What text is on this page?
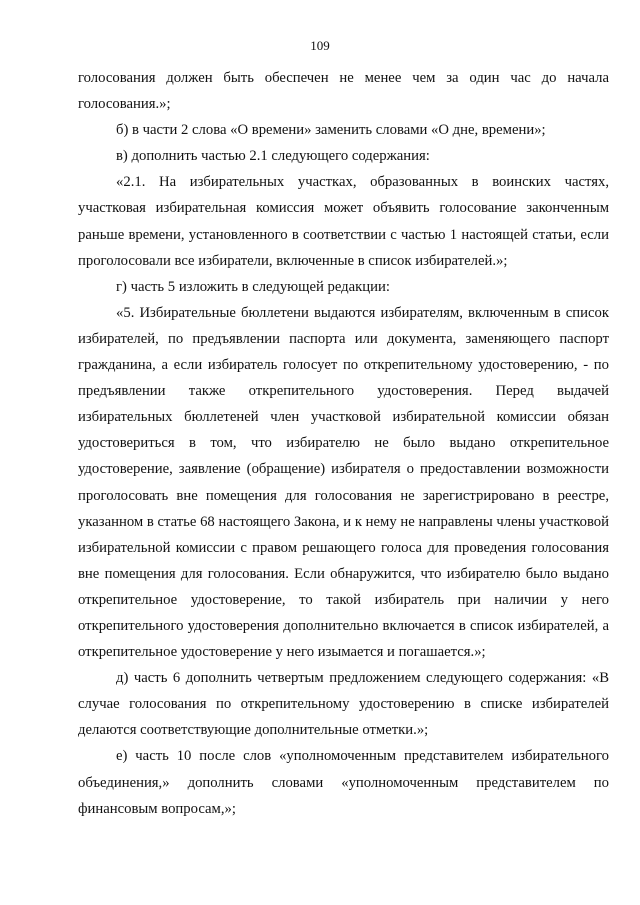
109

голосования должен быть обеспечен не менее чем за один час до начала голосования.»;

б) в части 2 слова «О времени» заменить словами «О дне, времени»;

в) дополнить частью 2.1 следующего содержания:

«2.1. На избирательных участках, образованных в воинских частях, участковая избирательная комиссия может объявить голосование законченным раньше времени, установленного в соответствии с частью 1 настоящей статьи, если проголосовали все избиратели, включенные в список избирателей.»;

г) часть 5 изложить в следующей редакции:

«5. Избирательные бюллетени выдаются избирателям, включенным в список избирателей, по предъявлении паспорта или документа, заменяющего паспорт гражданина, а если избиратель голосует по открепительному удостоверению, - по предъявлении также открепительного удостоверения. Перед выдачей избирательных бюллетеней член участковой избирательной комиссии обязан удостовериться в том, что избирателю не было выдано открепительное удостоверение, заявление (обращение) избирателя о предоставлении возможности проголосовать вне помещения для голосования не зарегистрировано в реестре, указанном в статье 68 настоящего Закона, и к нему не направлены члены участковой избирательной комиссии с правом решающего голоса для проведения голосования вне помещения для голосования. Если обнаружится, что избирателю было выдано открепительное удостоверение, то такой избиратель при наличии у него открепительного удостоверения дополнительно включается в список избирателей, а открепительное удостоверение у него изымается и погашается.»;

д) часть 6 дополнить четвертым предложением следующего содержания: «В случае голосования по открепительному удостоверению в списке избирателей делаются соответствующие дополнительные отметки.»;

е) часть 10 после слов «уполномоченным представителем избирательного объединения,» дополнить словами «уполномоченным представителем по финансовым вопросам,»;
